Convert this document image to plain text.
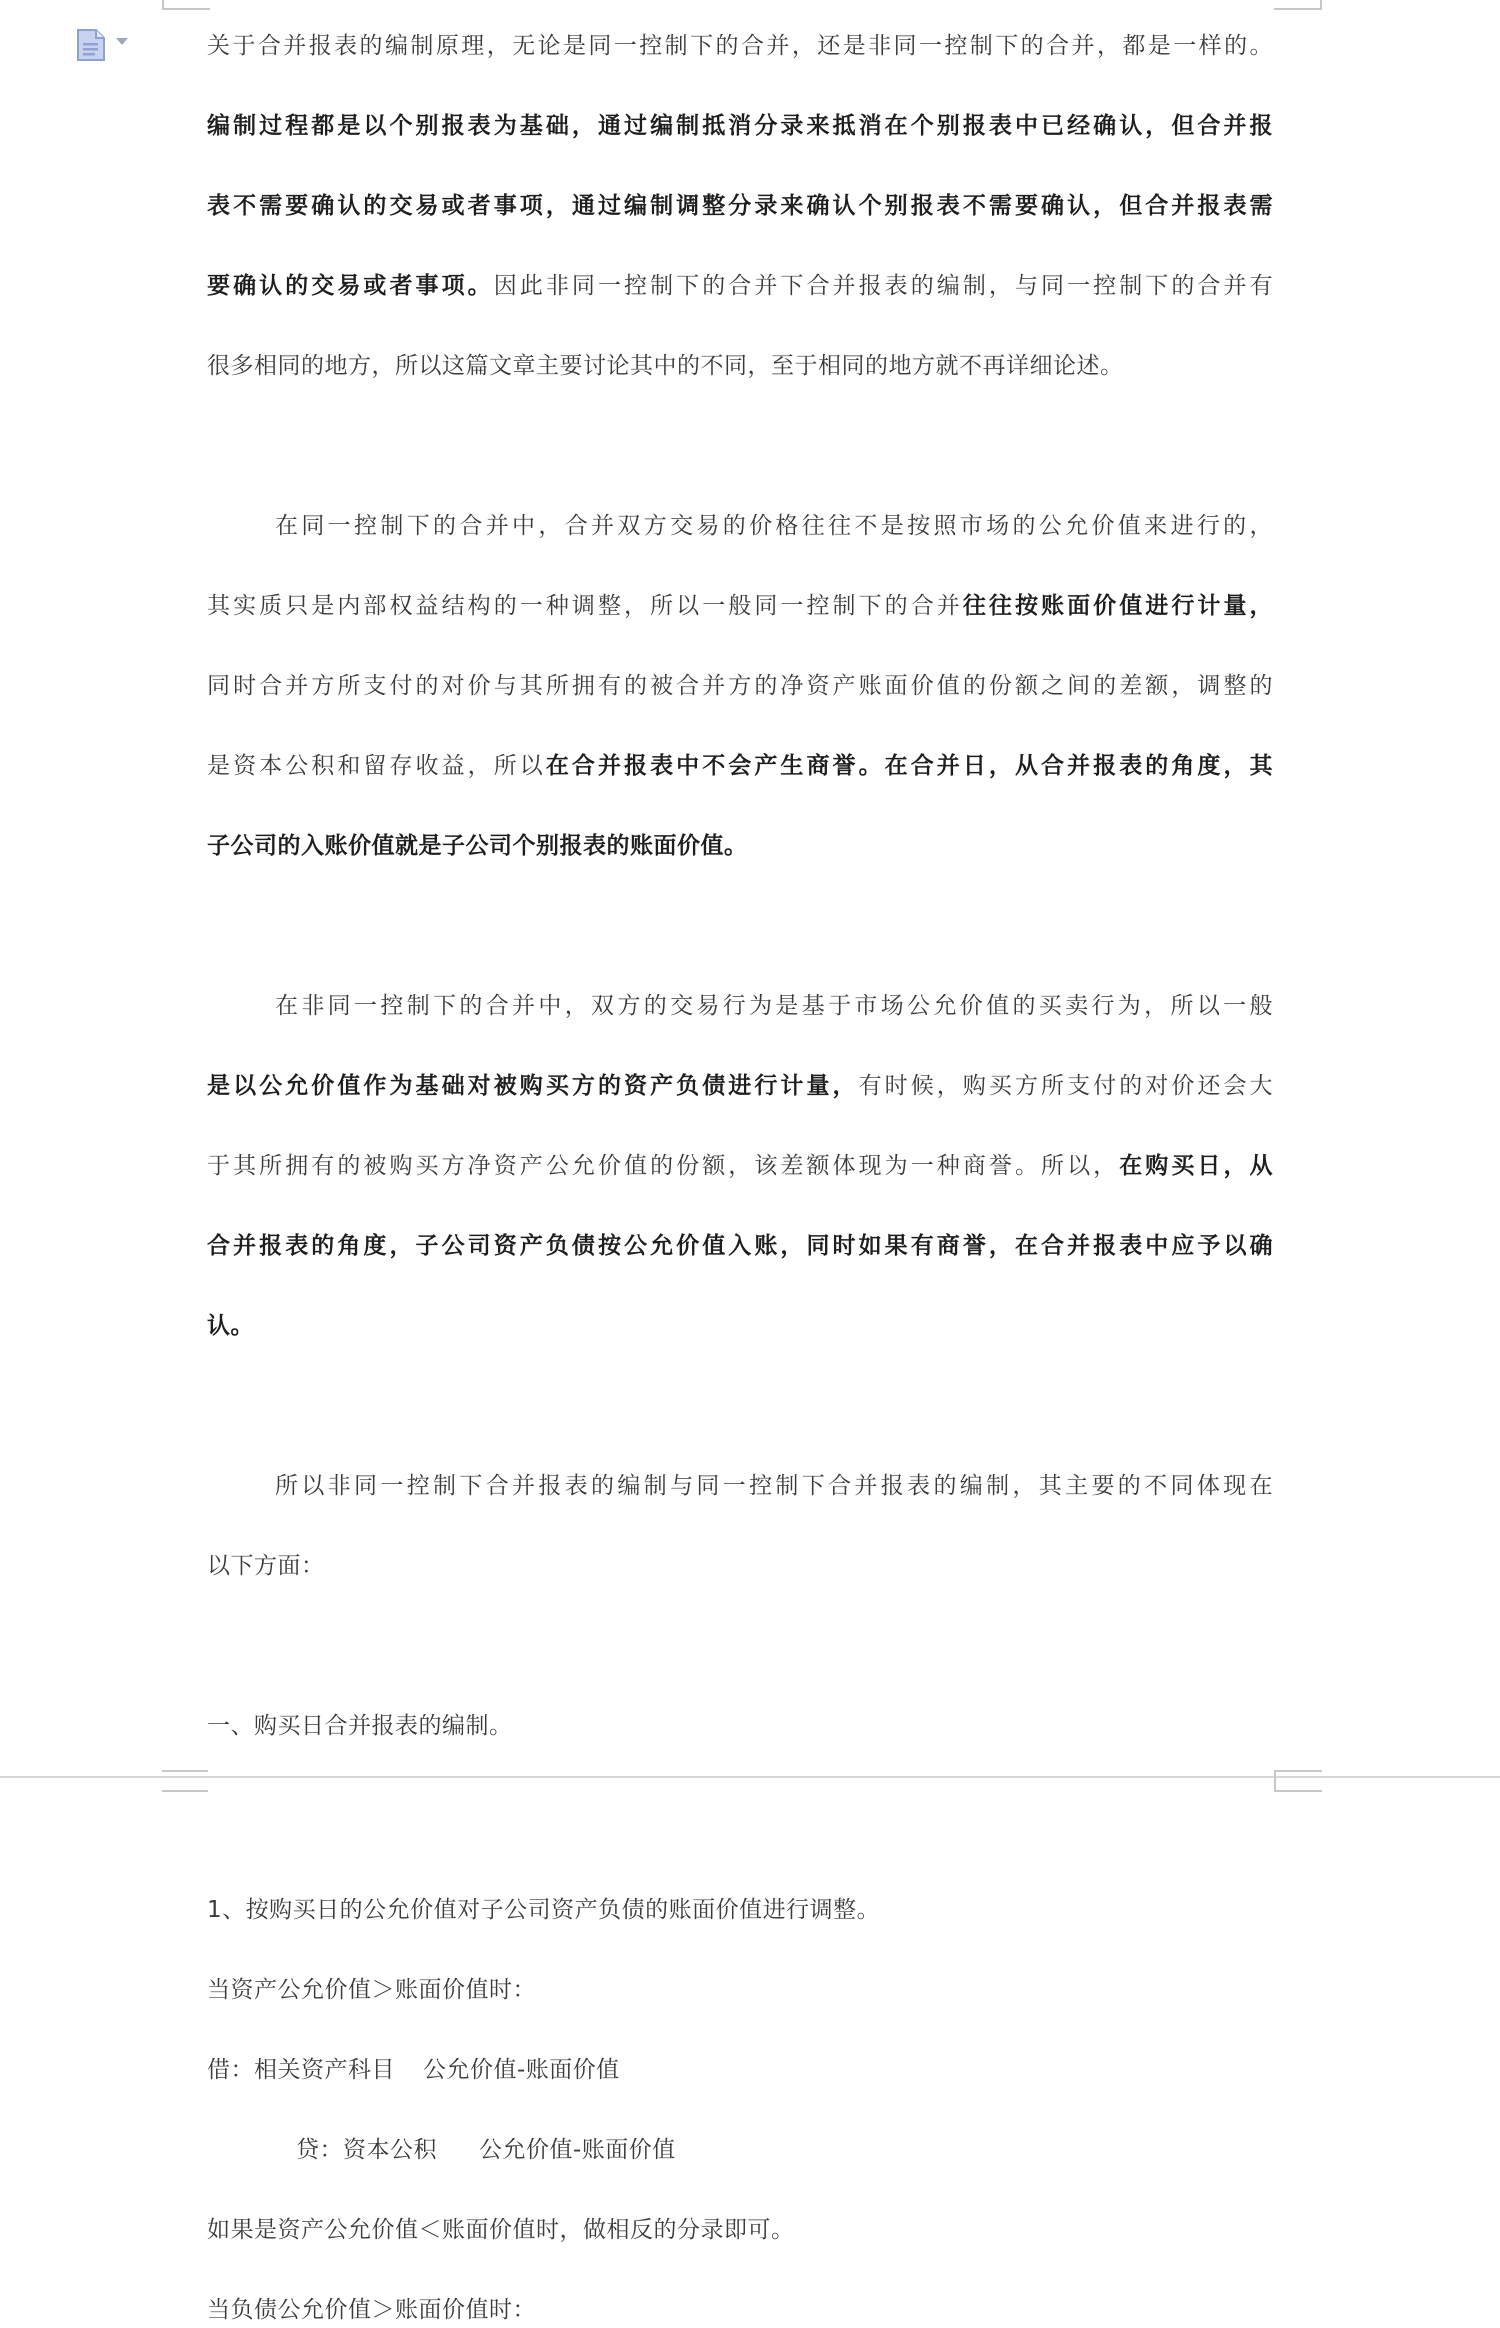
关于合并报表的编制原理，无论是同一控制下的合并，还是非同一控制下的合并，都是一样的。

编制过程都是以个别报表为基础，通过编制抵消分录来抵消在个别报表中已经确认，但合并报

表不需要确认的交易或者事项，通过编制调整分录来确认个别报表不需要确认，但合并报表需

要确认的交易或者事项。因此非同一控制下的合并下合并报表的编制，与同一控制下的合并有

很多相同的地方，所以这篇文章主要讨论其中的不同，至于相同的地方就不再详细论述。

在同一控制下的合并中，合并双方交易的价格往往不是按照市场的公允价值来进行的，

其实质只是内部权益结构的一种调整，所以一般同一控制下的合并往往按账面价值进行计量，

同时合并方所支付的对价与其所拥有的被合并方的净资产账面价值的份额之间的差额，调整的

是资本公积和留存收益，所以在合并报表中不会产生商誉。在合并日，从合并报表的角度，其

子公司的入账价值就是子公司个别报表的账面价值。

在非同一控制下的合并中，双方的交易行为是基于市场公允价值的买卖行为，所以一般

是以公允价值作为基础对被购买方的资产负债进行计量，有时候，购买方所支付的对价还会大

于其所拥有的被购买方净资产公允价值的份额，该差额体现为一种商誉。所以，在购买日，从

合并报表的角度，子公司资产负债按公允价值入账，同时如果有商誉，在合并报表中应予以确

认。

所以非同一控制下合并报表的编制与同一控制下合并报表的编制，其主要的不同体现在

以下方面：

一、购买日合并报表的编制。

1、按购买日的公允价值对子公司资产负债的账面价值进行调整。

当资产公允价值＞账面价值时：

借：相关资产科目 公允价值-账面价值

贷：资本公积 公允价值-账面价值

如果是资产公允价值＜账面价值时，做相反的分录即可。

当负债公允价值＞账面价值时：
